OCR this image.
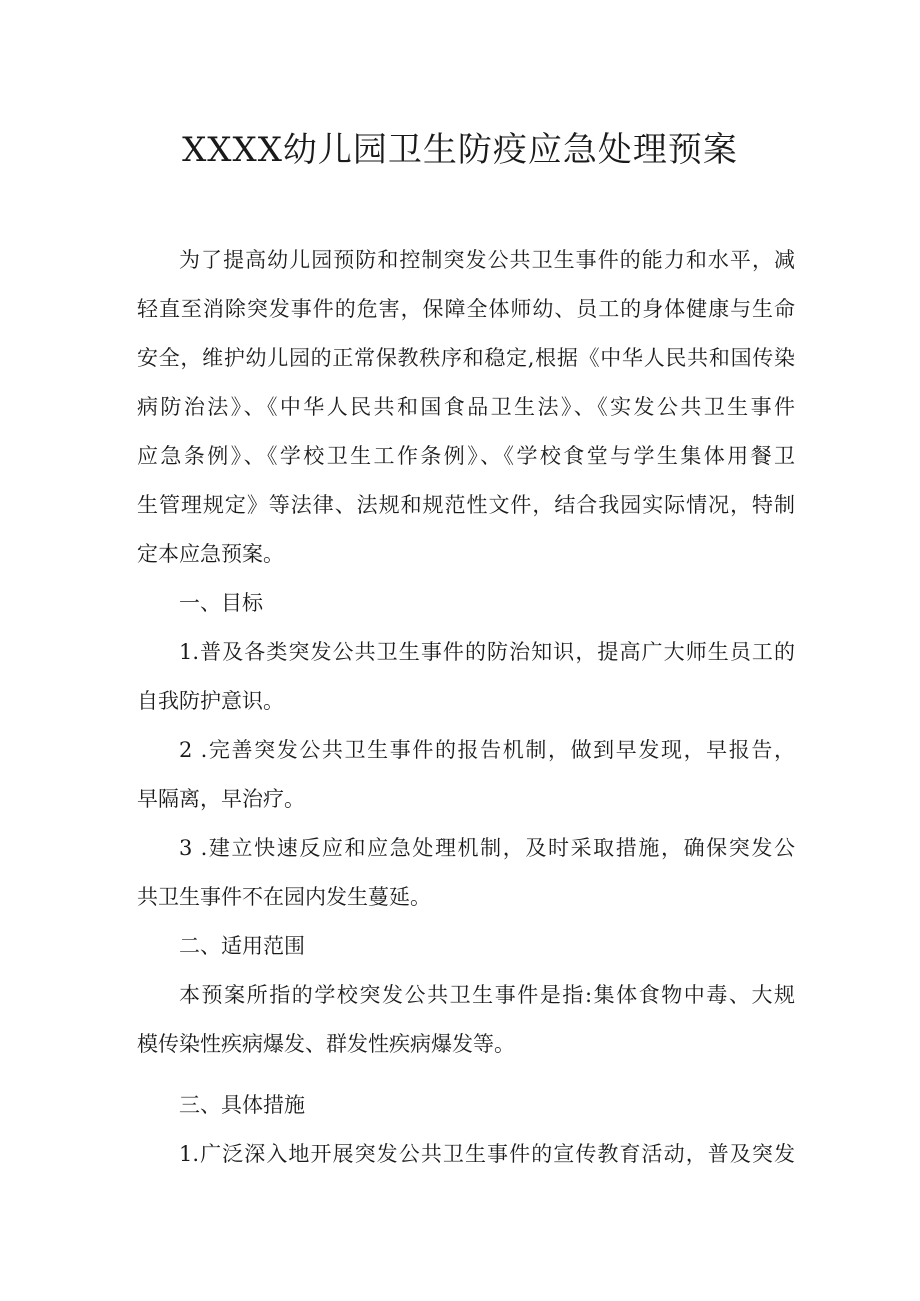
XXXX幼儿园卫生防疫应急处理预案
为了提高幼儿园预防和控制突发公共卫生事件的能力和水平，减
轻直至消除突发事件的危害，保障全体师幼、员工的身体健康与生命
安全，维护幼儿园的正常保教秩序和稳定,根据《中华人民共和国传染
病防治法》、《中华人民共和国食品卫生法》、《实发公共卫生事件
应急条例》、《学校卫生工作条例》、《学校食堂与学生集体用餐卫
生管理规定》等法律、法规和规范性文件，结合我园实际情况，特制
定本应急预案。
一、目标
1.普及各类突发公共卫生事件的防治知识，提高广大师生员工的
自我防护意识。
2 .完善突发公共卫生事件的报告机制，做到早发现，早报告，
早隔离，早治疗。
3 .建立快速反应和应急处理机制，及时采取措施，确保突发公
共卫生事件不在园内发生蔓延。
二、适用范围
本预案所指的学校突发公共卫生事件是指:集体食物中毒、大规
模传染性疾病爆发、群发性疾病爆发等。
三、具体措施
1.广泛深入地开展突发公共卫生事件的宣传教育活动，普及突发
